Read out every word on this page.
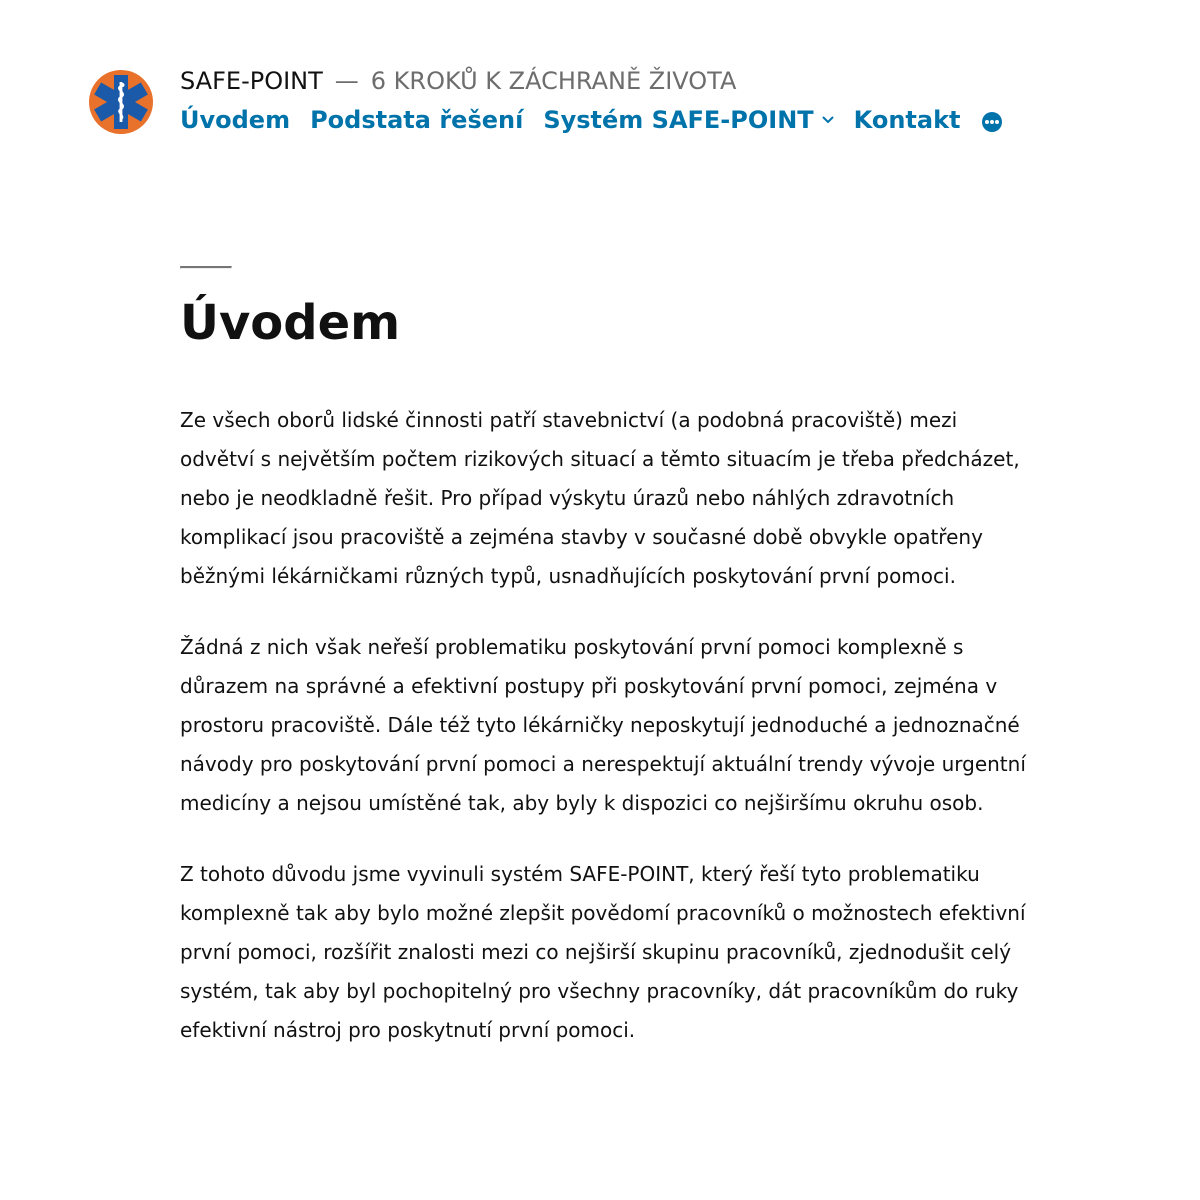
SAFE-POINT — 6 KROKŮ K ZÁCHRANĚ ŽIVOTA
Úvodem Podstata řešení Systém SAFE-POINT Kontakt
Úvodem

Ze všech oborů lidské činnosti patří stavebnictví (a podobná pracoviště) mezi odvětví s největším počtem rizikových situací a těmto situacím je třeba předcházet, nebo je neodkladně řešit. Pro případ výskytu úrazů nebo náhlých zdravotních komplikací jsou pracoviště a zejména stavby v současné době obvykle opatřeny běžnými lékárničkami různých typů, usnadňujících poskytování první pomoci.

Žádná z nich však neřeší problematiku poskytování první pomoci komplexně s důrazem na správné a efektivní postupy při poskytování první pomoci, zejména v prostoru pracoviště. Dále též tyto lékárničky neposkytují jednoduché a jednoznačné návody pro poskytování první pomoci a nerespektují aktuální trendy vývoje urgentní medicíny a nejsou umístěné tak, aby byly k dispozici co nejširšímu okruhu osob.

Z tohoto důvodu jsme vyvinuli systém SAFE-POINT, který řeší tyto problematiku komplexně tak aby bylo možné zlepšit povědomí pracovníků o možnostech efektivní první pomoci, rozšířit znalosti mezi co nejširší skupinu pracovníků, zjednodušit celý systém, tak aby byl pochopitelný pro všechny pracovníky, dát pracovníkům do ruky efektivní nástroj pro poskytnutí první pomoci.
